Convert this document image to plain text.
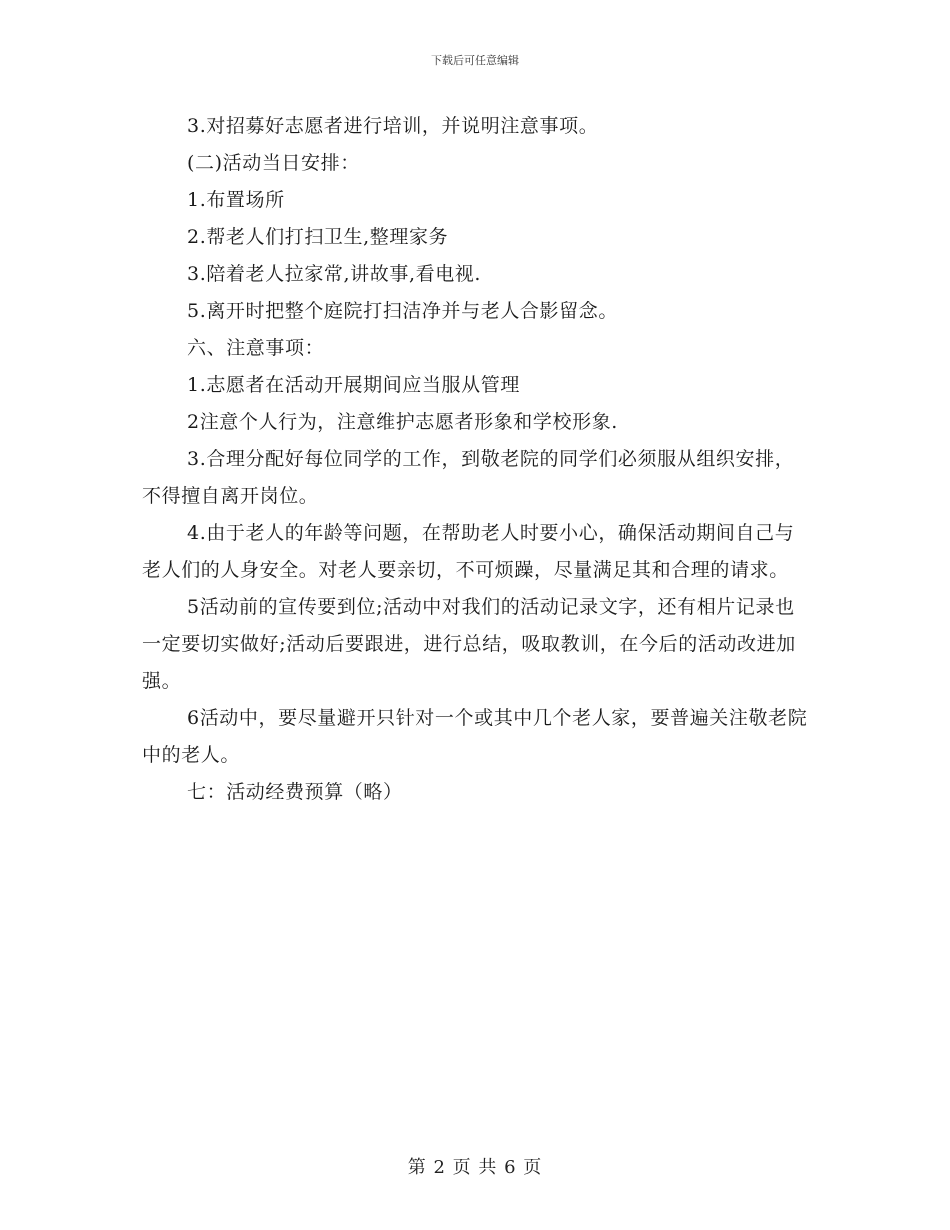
下载后可任意编辑

3.对招募好志愿者进行培训，并说明注意事项。

(二)活动当日安排：

1.布置场所

2.帮老人们打扫卫生,整理家务

3.陪着老人拉家常,讲故事,看电视.

5.离开时把整个庭院打扫洁净并与老人合影留念。

六、注意事项：

1.志愿者在活动开展期间应当服从管理

2注意个人行为，注意维护志愿者形象和学校形象.

3.合理分配好每位同学的工作，到敬老院的同学们必须服从组织安排，不得擅自离开岗位。

4.由于老人的年龄等问题，在帮助老人时要小心，确保活动期间自己与老人们的人身安全。对老人要亲切，不可烦躁，尽量满足其和合理的请求。

5活动前的宣传要到位;活动中对我们的活动记录文字，还有相片记录也一定要切实做好;活动后要跟进，进行总结，吸取教训，在今后的活动改进加强。

6活动中，要尽量避开只针对一个或其中几个老人家，要普遍关注敬老院中的老人。

七：活动经费预算（略）

第 2 页 共 6 页
